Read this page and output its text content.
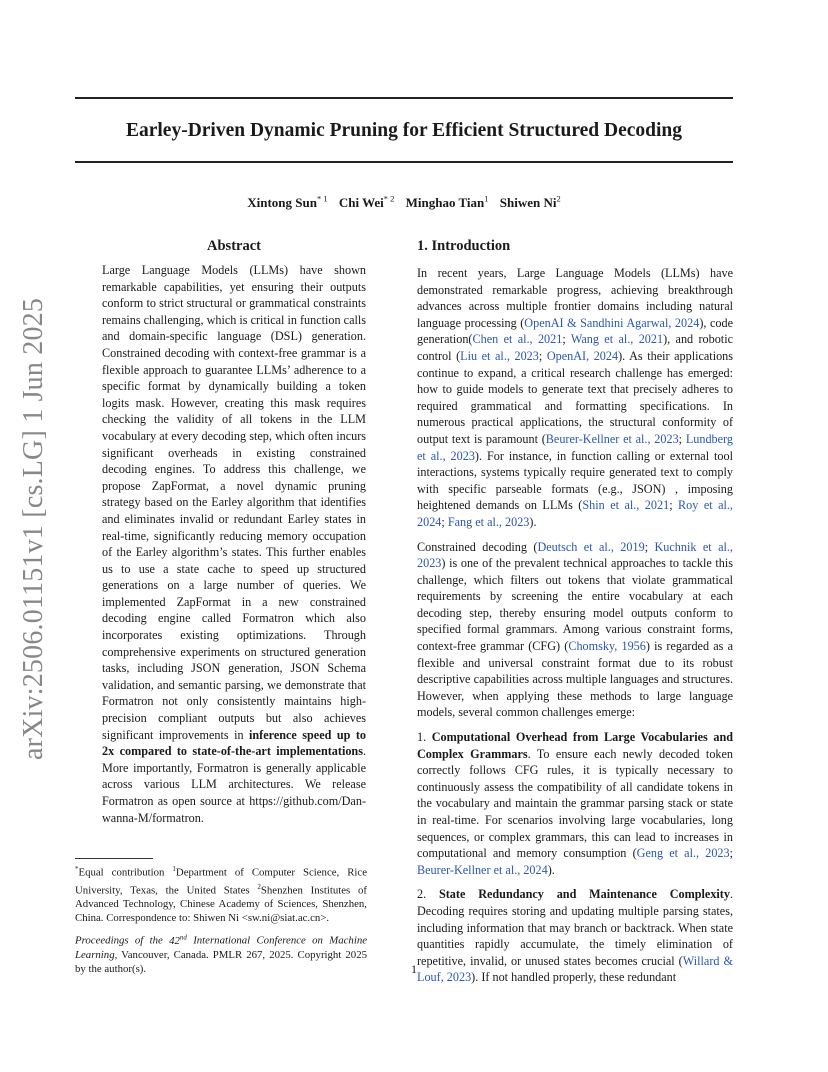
arXiv:2506.01151v1 [cs.LG] 1 Jun 2025
Earley-Driven Dynamic Pruning for Efficient Structured Decoding
Xintong Sun$^{* 1}$ Chi Wei$^{* 2}$ Minghao Tian$^1$ Shiwen Ni$^2$
Abstract

Large Language Models (LLMs) have shown remarkable capabilities, yet ensuring their outputs conform to strict structural or grammatical constraints remains challenging, which is critical in function calls and domain-specific language (DSL) generation. Constrained decoding with context-free grammar is a flexible approach to guarantee LLMs’ adherence to a specific format by dynamically building a token logits mask. However, creating this mask requires checking the validity of all tokens in the LLM vocabulary at every decoding step, which often incurs significant overheads in existing constrained decoding engines. To address this challenge, we propose ZapFormat, a novel dynamic pruning strategy based on the Earley algorithm that identifies and eliminates invalid or redundant Earley states in real-time, significantly reducing memory occupation of the Earley algorithm’s states. This further enables us to use a state cache to speed up structured generations on a large number of queries. We implemented ZapFormat in a new constrained decoding engine called Formatron which also incorporates existing optimizations. Through comprehensive experiments on structured generation tasks, including JSON generation, JSON Schema validation, and semantic parsing, we demonstrate that Formatron not only consistently maintains high-precision compliant outputs but also achieves significant improvements in inference speed up to 2x compared to state-of-the-art implementations. More importantly, Formatron is generally applicable across various LLM architectures. We release Formatron as open source at https://github.com/Dan-wanna-M/formatron.

*Equal contribution $^1$Department of Computer Science, Rice University, Texas, the United States $^2$Shenzhen Institutes of Advanced Technology, Chinese Academy of Sciences, Shenzhen, China. Correspondence to: Shiwen Ni <sw.ni@siat.ac.cn>.

Proceedings of the 42nd International Conference on Machine Learning, Vancouver, Canada. PMLR 267, 2025. Copyright 2025 by the author(s).

1. Introduction

In recent years, Large Language Models (LLMs) have demonstrated remarkable progress, achieving breakthrough advances across multiple frontier domains including natural language processing (OpenAI & Sandhini Agarwal, 2024), code generation(Chen et al., 2021; Wang et al., 2021), and robotic control (Liu et al., 2023; OpenAI, 2024). As their applications continue to expand, a critical research challenge has emerged: how to guide models to generate text that precisely adheres to required grammatical and formatting specifications. In numerous practical applications, the structural conformity of output text is paramount (Beurer-Kellner et al., 2023; Lundberg et al., 2023). For instance, in function calling or external tool interactions, systems typically require generated text to comply with specific parseable formats (e.g., JSON) , imposing heightened demands on LLMs (Shin et al., 2021; Roy et al., 2024; Fang et al., 2023).

Constrained decoding (Deutsch et al., 2019; Kuchnik et al., 2023) is one of the prevalent technical approaches to tackle this challenge, which filters out tokens that violate grammatical requirements by screening the entire vocabulary at each decoding step, thereby ensuring model outputs conform to specified formal grammars. Among various constraint forms, context-free grammar (CFG) (Chomsky, 1956) is regarded as a flexible and universal constraint format due to its robust descriptive capabilities across multiple languages and structures. However, when applying these methods to large language models, several common challenges emerge:

1. Computational Overhead from Large Vocabularies and Complex Grammars. To ensure each newly decoded token correctly follows CFG rules, it is typically necessary to continuously assess the compatibility of all candidate tokens in the vocabulary and maintain the grammar parsing stack or state in real-time. For scenarios involving large vocabularies, long sequences, or complex grammars, this can lead to increases in computational and memory consumption (Geng et al., 2023; Beurer-Kellner et al., 2024).

2. State Redundancy and Maintenance Complexity. Decoding requires storing and updating multiple parsing states, including information that may branch or backtrack. When state quantities rapidly accumulate, the timely elimination of repetitive, invalid, or unused states becomes crucial (Willard & Louf, 2023). If not handled properly, these redundant

1
